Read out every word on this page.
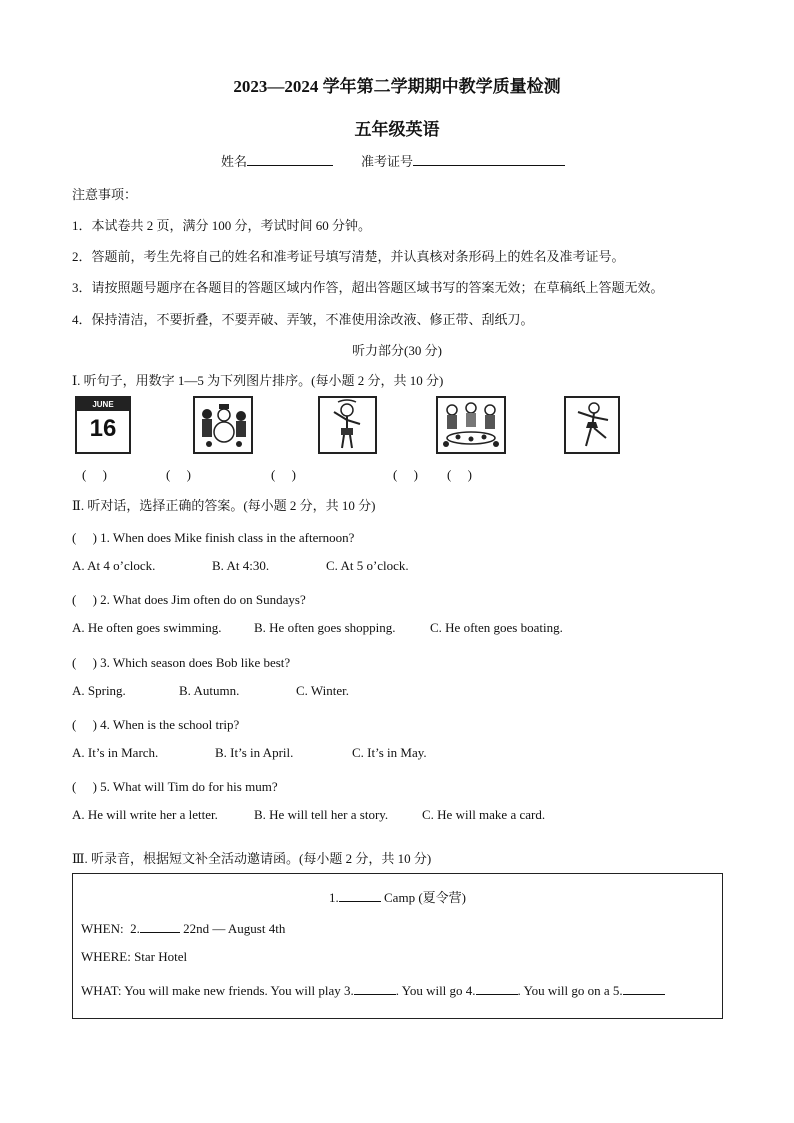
2023—2024 学年第二学期期中教学质量检测
五年级英语
姓名	准考证号
注意事项：
1．本试卷共 2 页，满分 100 分，考试时间 60 分钟。
2．答题前，考生先将自己的姓名和准考证号填写清楚，并认真核对条形码上的姓名及准考证号。
3．请按照题号题序在各题目的答题区域内作答，超出答题区域书写的答案无效；在草稿纸上答题无效。
4．保持清洁，不要折叠，不要弄破、弄皱，不准使用涂改液、修正带、刮纸刀。
听力部分(30 分)
Ⅰ. 听句子，用数字 1—5 为下列图片排序。(每小题 2 分，共 10 分)
JUNE
16
(　 )	(　 )	(　 )	(　 ) (　 )
Ⅱ. 听对话，选择正确的答案。(每小题 2 分，共 10 分)
(　 ) 1. When does Mike finish class in the afternoon?
A. At 4 o’clock.	B. At 4:30.	C. At 5 o’clock.
(　 ) 2. What does Jim often do on Sundays?
A. He often goes swimming.	B. He often goes shopping.	C. He often goes boating.
(　 ) 3. Which season does Bob like best?
A. Spring.	B. Autumn.	C. Winter.
(　 ) 4. When is the school trip?
A. It’s in March.	B. It’s in April.	C. It’s in May.
(　 ) 5. What will Tim do for his mum?
A. He will write her a letter.	B. He will tell her a story.	C. He will make a card.
Ⅲ. 听录音，根据短文补全活动邀请函。(每小题 2 分，共 10 分)
1.	Camp (夏令营)
WHEN: 2.	22nd — August 4th
WHERE: Star Hotel
WHAT: You will make new friends. You will play 3.	. You will go 4.	. You will go on a 5.
